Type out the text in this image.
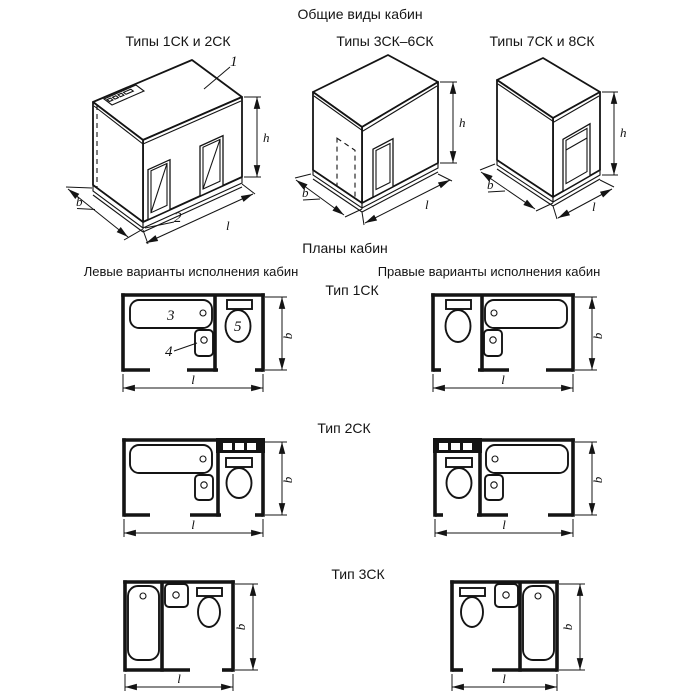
Общие виды кабин
Типы 1СК и 2СК	Типы 3СК–6СК	Типы 7СК и 8СК
Планы кабин
Левые варианты исполнения кабин	Правые варианты исполнения кабин
Тип 1СК
Тип 2СК
Тип 3СК
1
2
h
b
l
h
b
l
h
b
l
3
4
5
b
l
b
l
b
l
b
l
b
l
b
l
